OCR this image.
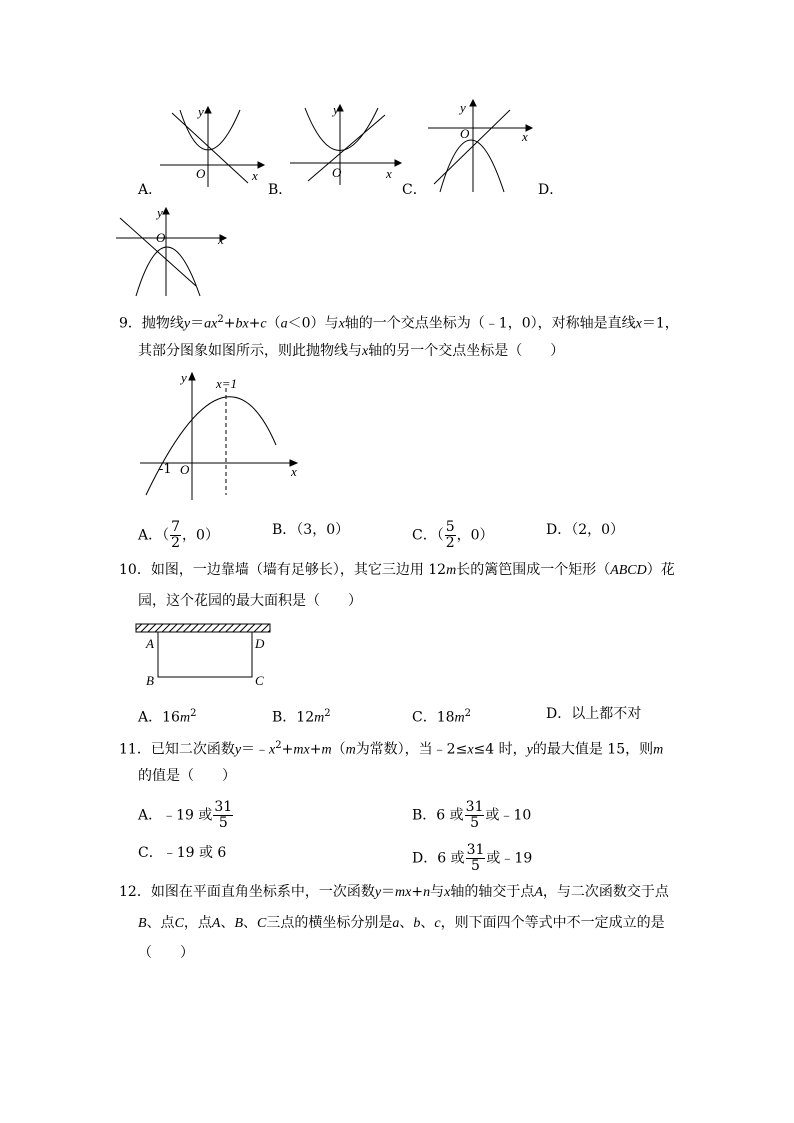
y
O	x
A．
y
O	x
B．
y
O	x
C．	D．
y
O	x
9．抛物线$y=ax^2+bx+c(a<0)$与x轴的一个交点坐标为（﹣1，0），对称轴是直线x＝1，
其部分图象如图所示，则此抛物线与x轴的另一个交点坐标是（　　）
y x=1
-1 O	x
A．（ $\frac{7}{2}$ ，0）	B．（3，0）	C．（ $\frac{5}{2}$ ，0）	D．（2，0）
10．如图，一边靠墙（墙有足够长），其它三边用 12m长的篱笆围成一个矩形（ABCD）花
园，这个花园的最大面积是（　　）
A	D
B	C
A．$16m^2$	B．$12m^2$	C．$18m^2$	D．以上都不对
11．已知二次函数$y=﹣x^2+mx+m(m$为常数），当﹣2≤x≤4 时，y的最大值是 15，则m
的值是（　　）
A．﹣19 或 $\frac{31}{5}$	B．6 或 $\frac{31}{5}$ 或﹣10
C．﹣19 或 6	D．6 或 $\frac{31}{5}$ 或﹣19
12．如图在平面直角坐标系中，一次函数y＝mx+n与x轴的轴交于点A，与二次函数交于点
B、点C，点A、B、C三点的横坐标分别是a、b、c，则下面四个等式中不一定成立的是
（　　）
